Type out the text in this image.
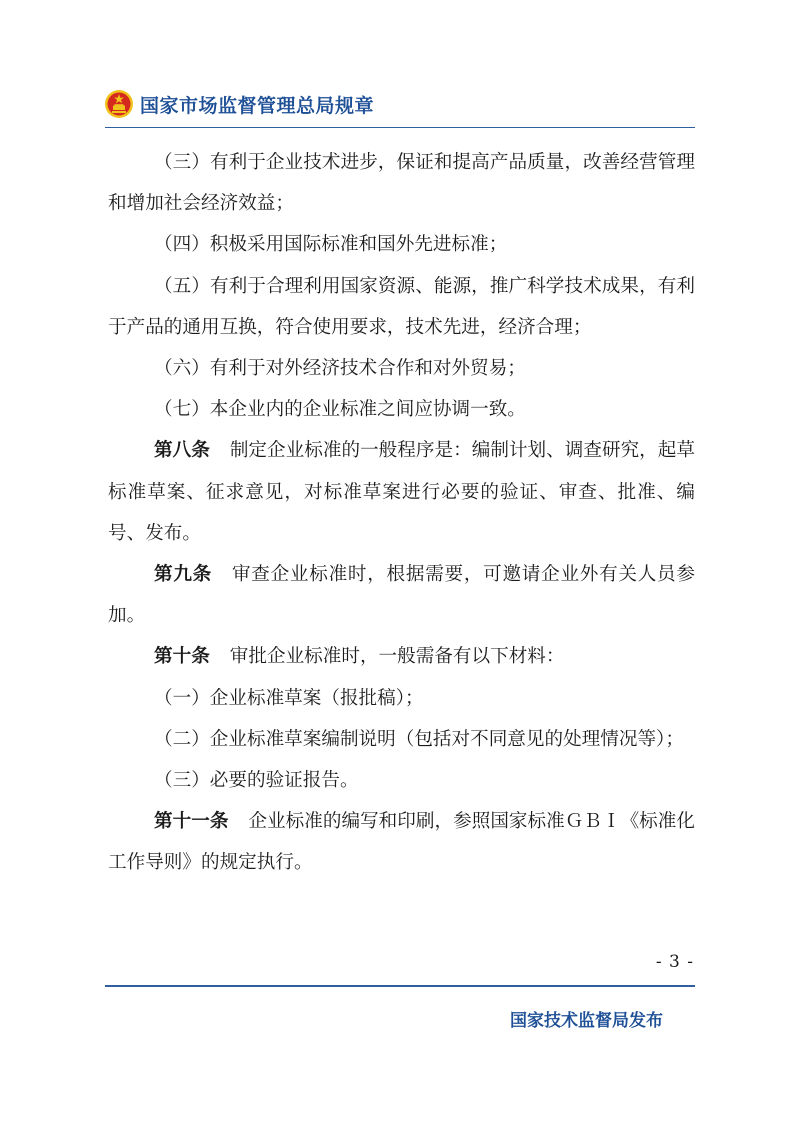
国家市场监督管理总局规章

（三）有利于企业技术进步，保证和提高产品质量，改善经营管理和增加社会经济效益；

（四）积极采用国际标准和国外先进标准；

（五）有利于合理利用国家资源、能源，推广科学技术成果，有利于产品的通用互换，符合使用要求，技术先进，经济合理；

（六）有利于对外经济技术合作和对外贸易；

（七）本企业内的企业标准之间应协调一致。

第八条 制定企业标准的一般程序是：编制计划、调查研究，起草标准草案、征求意见，对标准草案进行必要的验证、审查、批准、编号、发布。

第九条 审查企业标准时，根据需要，可邀请企业外有关人员参加。

第十条 审批企业标准时，一般需备有以下材料：

（一）企业标准草案（报批稿）；

（二）企业标准草案编制说明（包括对不同意见的处理情况等）；

（三）必要的验证报告。

第十一条 企业标准的编写和印刷，参照国家标准ＧＢＩ《标准化工作导则》的规定执行。

- 3 -
国家技术监督局发布
